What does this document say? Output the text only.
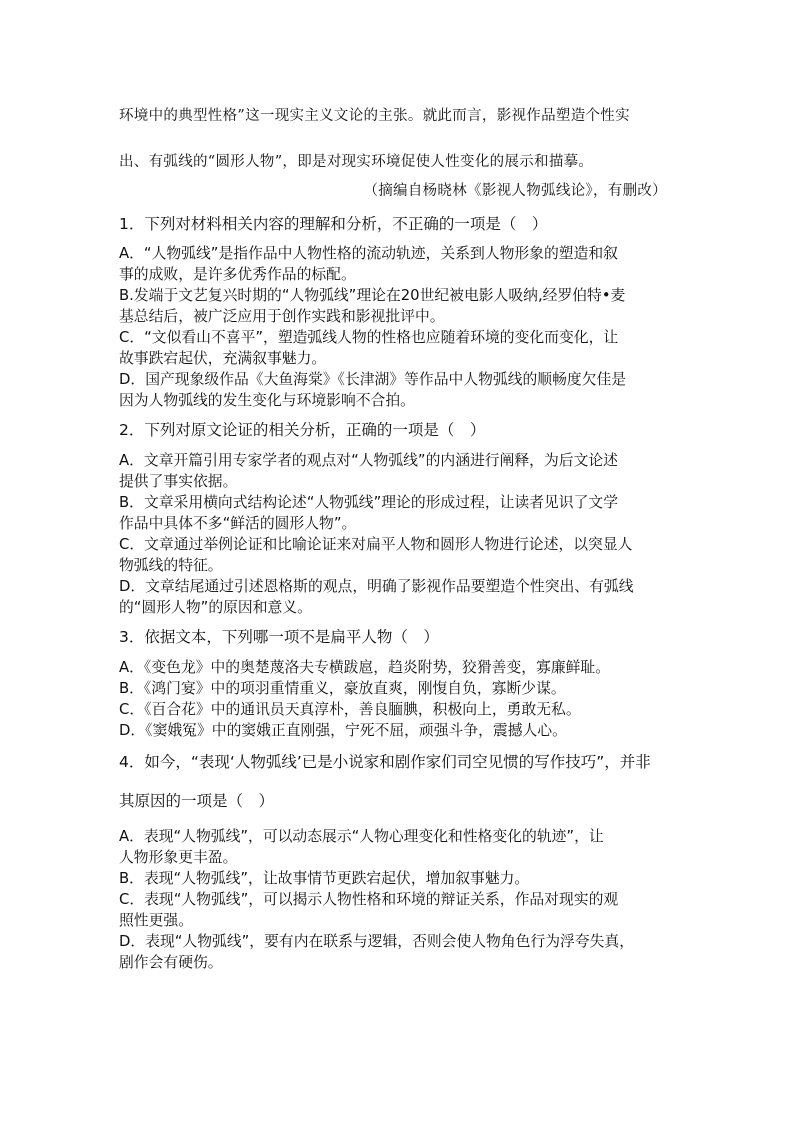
环境中的典型性格”这一现实主义文论的主张。就此而言，影视作品塑造个性实
出、有弧线的“圆形人物”，即是对现实环境促使人性变化的展示和描摹。
（摘编自杨晓林《影视人物弧线论》，有删改）
1．下列对材料相关内容的理解和分析，不正确的一项是（　）
A．“人物弧线”是指作品中人物性格的流动轨迹，关系到人物形象的塑造和叙
事的成败，是许多优秀作品的标配。
B.发端于文艺复兴时期的“人物弧线”理论在20世纪被电影人吸纳,经罗伯特•麦
基总结后，被广泛应用于创作实践和影视批评中。
C．“文似看山不喜平”，塑造弧线人物的性格也应随着环境的变化而变化，让
故事跌宕起伏，充满叙事魅力。
D．国产现象级作品《大鱼海棠》《长津湖》等作品中人物弧线的顺畅度欠佳是
因为人物弧线的发生变化与环境影响不合拍。
2．下列对原文论证的相关分析，正确的一项是（　）
A．文章开篇引用专家学者的观点对“人物弧线”的内涵进行阐释，为后文论述
提供了事实依据。
B．文章采用横向式结构论述“人物弧线”理论的形成过程，让读者见识了文学
作品中具体不多“鲜活的圆形人物”。
C．文章通过举例论证和比喻论证来对扁平人物和圆形人物进行论述，以突显人
物弧线的特征。
D．文章结尾通过引述恩格斯的观点，明确了影视作品要塑造个性突出、有弧线
的“圆形人物”的原因和意义。
3．依据文本，下列哪一项不是扁平人物（　）
A．《变色龙》中的奥楚蔑洛夫专横跋扈，趋炎附势，狡猾善变，寡廉鲜耻。
B．《鸿门宴》中的项羽重情重义，豪放直爽，刚愎自负，寡断少谋。
C．《百合花》中的通讯员天真淳朴，善良腼腆，积极向上，勇敢无私。
D．《窦娥冤》中的窦娥正直刚强，宁死不屈，顽强斗争，震撼人心。
4．如今，“表现‘人物弧线’已是小说家和剧作家们司空见惯的写作技巧”，并非
其原因的一项是（　）
A．表现“人物弧线”，可以动态展示“人物心理变化和性格变化的轨迹”，让
人物形象更丰盈。
B．表现“人物弧线”，让故事情节更跌宕起伏，增加叙事魅力。
C．表现“人物弧线”，可以揭示人物性格和环境的辩证关系，作品对现实的观
照性更强。
D．表现“人物弧线”，要有内在联系与逻辑，否则会使人物角色行为浮夸失真，
剧作会有硬伤。
